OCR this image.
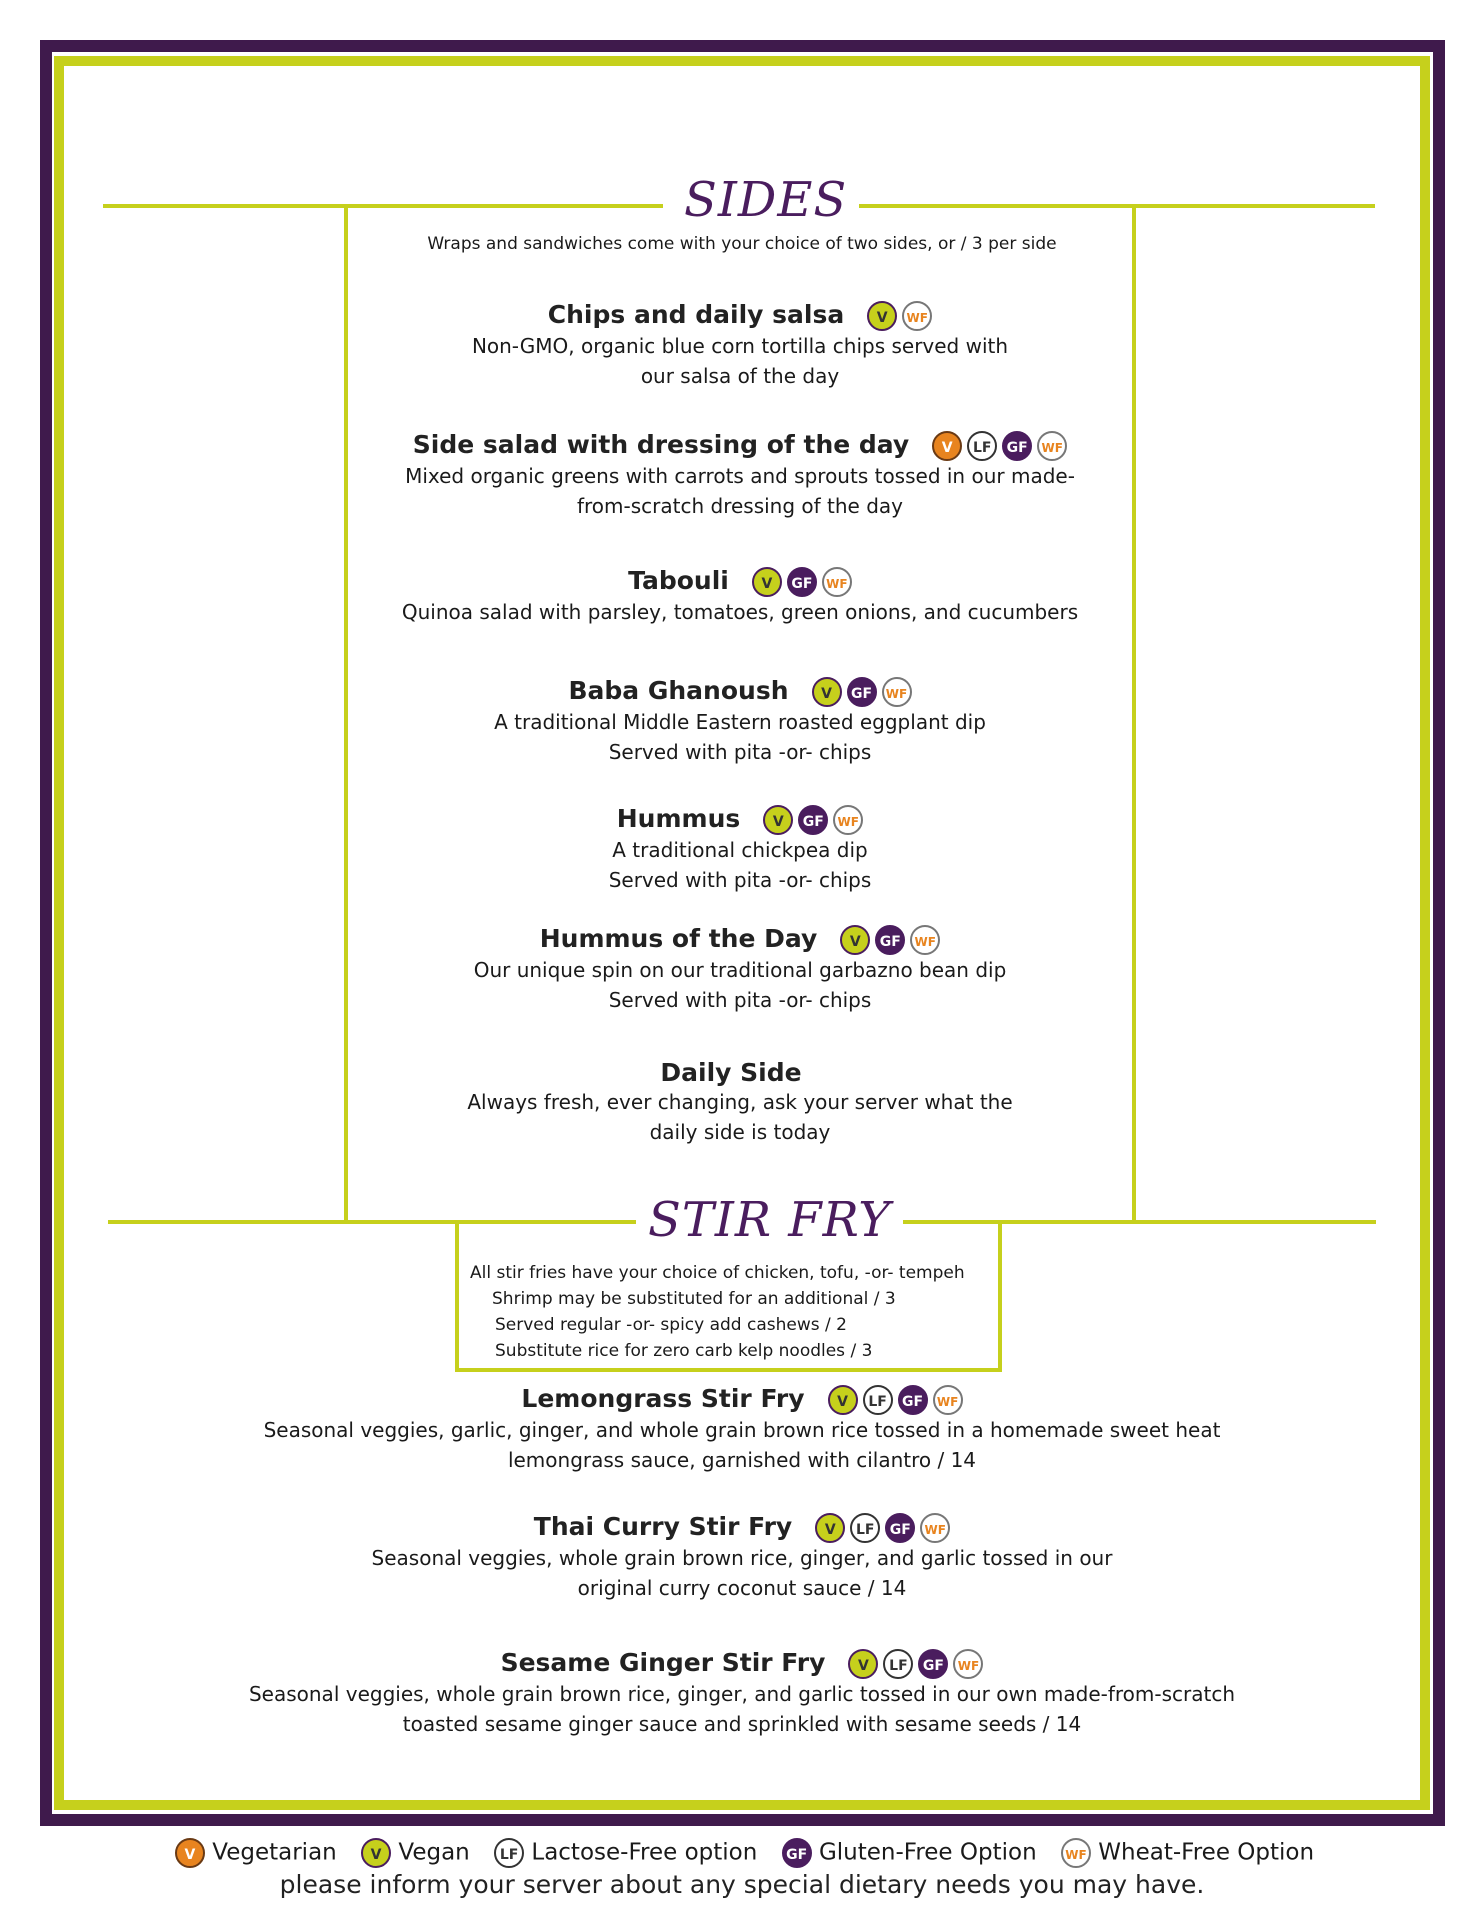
SIDES
Wraps and sandwiches come with your choice of two sides, or / 3 per side
Chips and daily salsa V WF
Non-GMO, organic blue corn tortilla chips served with
our salsa of the day
Side salad with dressing of the day V LF GF WF
Mixed organic greens with carrots and sprouts tossed in our made-
from-scratch dressing of the day
Tabouli V GF WF
Quinoa salad with parsley, tomatoes, green onions, and cucumbers
Baba Ghanoush V GF WF
A traditional Middle Eastern roasted eggplant dip
Served with pita -or- chips
Hummus V GF WF
A traditional chickpea dip
Served with pita -or- chips
Hummus of the Day V GF WF
Our unique spin on our traditional garbazno bean dip
Served with pita -or- chips
Daily Side
Always fresh, ever changing, ask your server what the
daily side is today
STIR FRY
All stir fries have your choice of chicken, tofu, -or- tempeh
Shrimp may be substituted for an additional / 3
Served regular -or- spicy add cashews / 2
Substitute rice for zero carb kelp noodles / 3
Lemongrass Stir Fry V LF GF WF
Seasonal veggies, garlic, ginger, and whole grain brown rice tossed in a homemade sweet heat
lemongrass sauce, garnished with cilantro / 14
Thai Curry Stir Fry V LF GF WF
Seasonal veggies, whole grain brown rice, ginger, and garlic tossed in our
original curry coconut sauce / 14
Sesame Ginger Stir Fry V LF GF WF
Seasonal veggies, whole grain brown rice, ginger, and garlic tossed in our own made-from-scratch
toasted sesame ginger sauce and sprinkled with sesame seeds / 14
V Vegetarian V Vegan LF Lactose-Free option GF Gluten-Free Option WF Wheat-Free Option
please inform your server about any special dietary needs you may have.
